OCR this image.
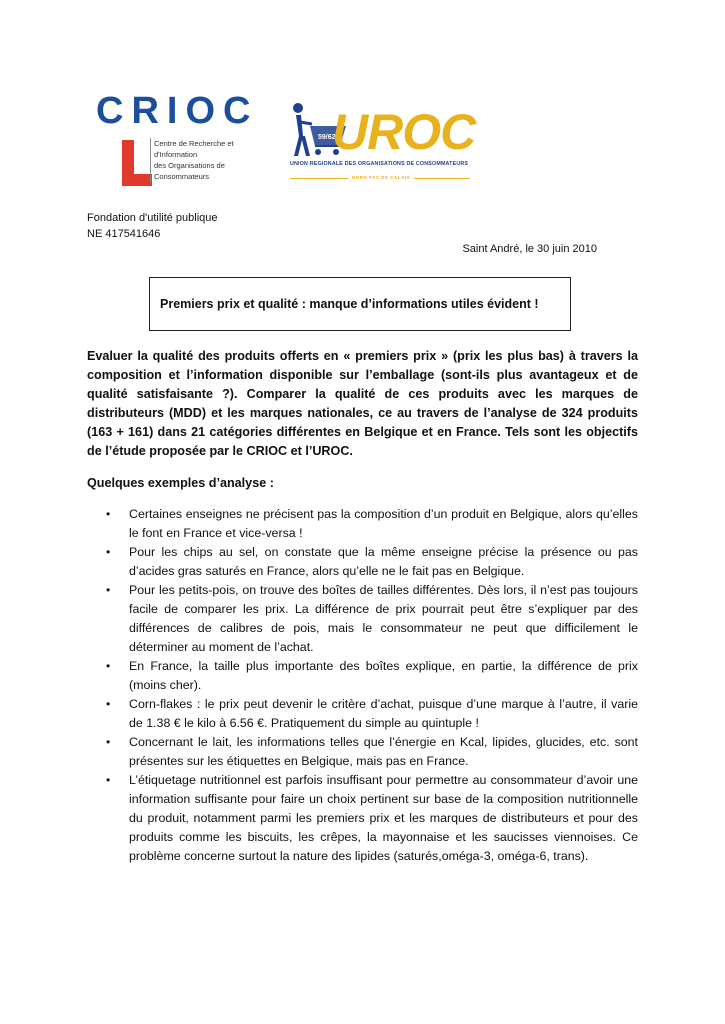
CRIOC
Centre de Recherche et d'Information
des Organisations de Consommateurs
59/62
UROC
UNION REGIONALE DES ORGANISATIONS DE CONSOMMATEURS
NORD PAS DE CALAIS
Fondation d'utilité publique
NE 417541646
Saint André, le 30 juin 2010
Premiers prix et qualité : manque d’informations utiles évident !

Evaluer la qualité des produits offerts en « premiers prix » (prix les plus bas) à travers la composition et l’information disponible sur l’emballage (sont-ils plus avantageux et de qualité satisfaisante ?). Comparer la qualité de ces produits avec les marques de distributeurs (MDD) et les marques nationales, ce au travers de l’analyse de 324 produits (163 + 161) dans 21 catégories différentes en Belgique et en France. Tels sont les objectifs de l’étude proposée par le CRIOC et l’UROC.

Quelques exemples d’analyse :

• Certaines enseignes ne précisent pas la composition d’un produit en Belgique, alors qu’elles le font en France et vice-versa !
• Pour les chips au sel, on constate que la même enseigne précise la présence ou pas d’acides gras saturés en France, alors qu’elle ne le fait pas en Belgique.
• Pour les petits-pois, on trouve des boîtes de tailles différentes. Dès lors, il n’est pas toujours facile de comparer les prix. La différence de prix pourrait peut être s’expliquer par des différences de calibres de pois, mais le consommateur ne peut que difficilement le déterminer au moment de l’achat.
• En France, la taille plus importante des boîtes explique, en partie, la différence de prix (moins cher).
• Corn-flakes : le prix peut devenir le critère d’achat, puisque d’une marque à l’autre, il varie de 1.38 € le kilo à 6.56 €. Pratiquement du simple au quintuple !
• Concernant le lait, les informations telles que l’énergie en Kcal, lipides, glucides, etc. sont présentes sur les étiquettes en Belgique, mais pas en France.
• L’étiquetage nutritionnel est parfois insuffisant pour permettre au consommateur d’avoir une information suffisante pour faire un choix pertinent sur base de la composition nutritionnelle du produit, notamment parmi les premiers prix et les marques de distributeurs et pour des produits comme les biscuits, les crêpes, la mayonnaise et les saucisses viennoises. Ce problème concerne surtout la nature des lipides (saturés,oméga-3, oméga-6, trans).
